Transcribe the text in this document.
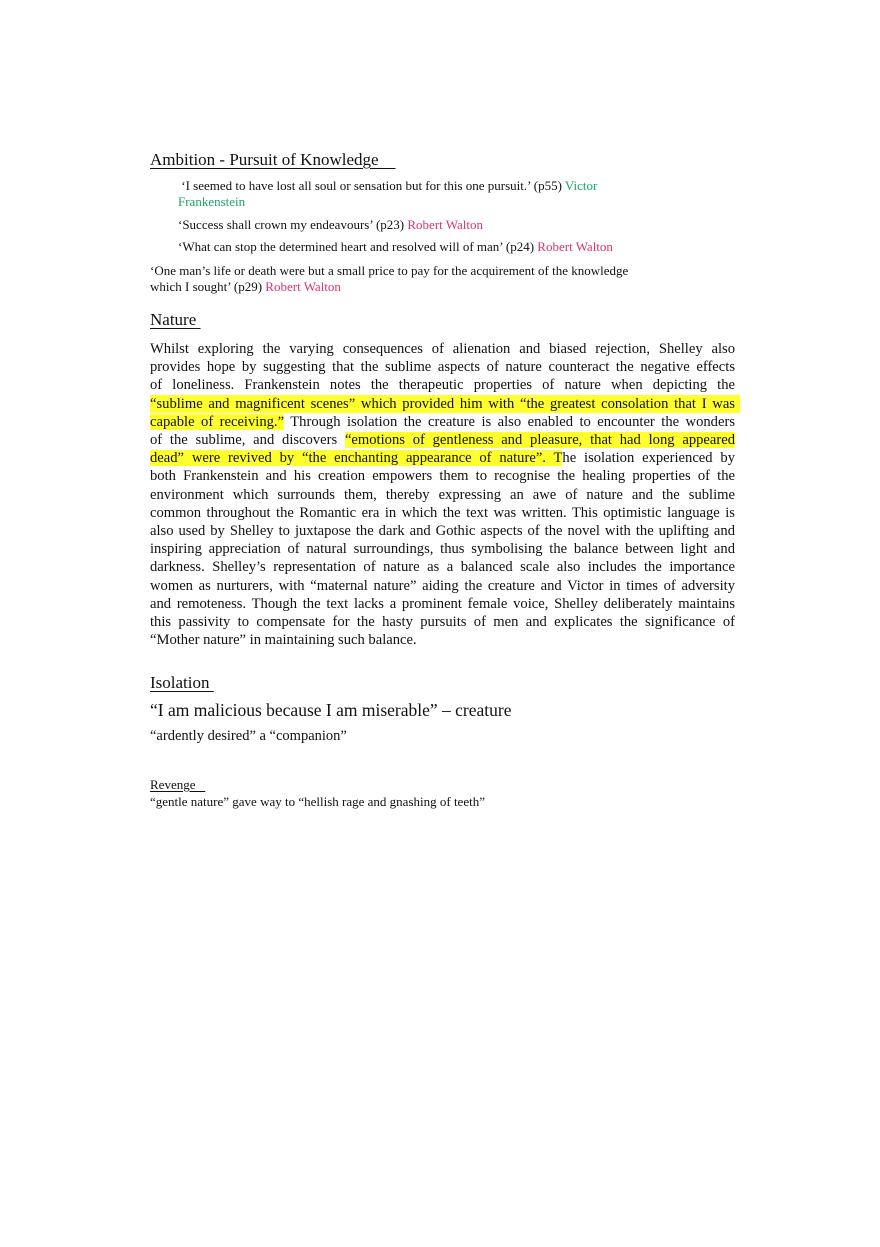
Ambition - Pursuit of Knowledge
‘I seemed to have lost all soul or sensation but for this one pursuit.’ (p55) Victor
Frankenstein
‘Success shall crown my endeavours’ (p23) Robert Walton
‘What can stop the determined heart and resolved will of man’ (p24) Robert Walton
‘One man’s life or death were but a small price to pay for the acquirement of the knowledge
which I sought’ (p29) Robert Walton
Nature
Whilst exploring the varying consequences of alienation and biased rejection, Shelley also
provides hope by suggesting that the sublime aspects of nature counteract the negative effects
of loneliness. Frankenstein notes the therapeutic properties of nature when depicting the
“sublime and magnificent scenes” which provided him with “the greatest consolation that I was
capable of receiving.” Through isolation the creature is also enabled to encounter the wonders
of the sublime, and discovers “emotions of gentleness and pleasure, that had long appeared
dead” were revived by “the enchanting appearance of nature”. The isolation experienced by
both Frankenstein and his creation empowers them to recognise the healing properties of the
environment which surrounds them, thereby expressing an awe of nature and the sublime
common throughout the Romantic era in which the text was written. This optimistic language is
also used by Shelley to juxtapose the dark and Gothic aspects of the novel with the uplifting and
inspiring appreciation of natural surroundings, thus symbolising the balance between light and
darkness. Shelley’s representation of nature as a balanced scale also includes the importance
women as nurturers, with “maternal nature” aiding the creature and Victor in times of adversity
and remoteness. Though the text lacks a prominent female voice, Shelley deliberately maintains
this passivity to compensate for the hasty pursuits of men and explicates the significance of
“Mother nature” in maintaining such balance.
Isolation
“I am malicious because I am miserable” – creature
“ardently desired” a “companion”
Revenge
“gentle nature” gave way to “hellish rage and gnashing of teeth”
